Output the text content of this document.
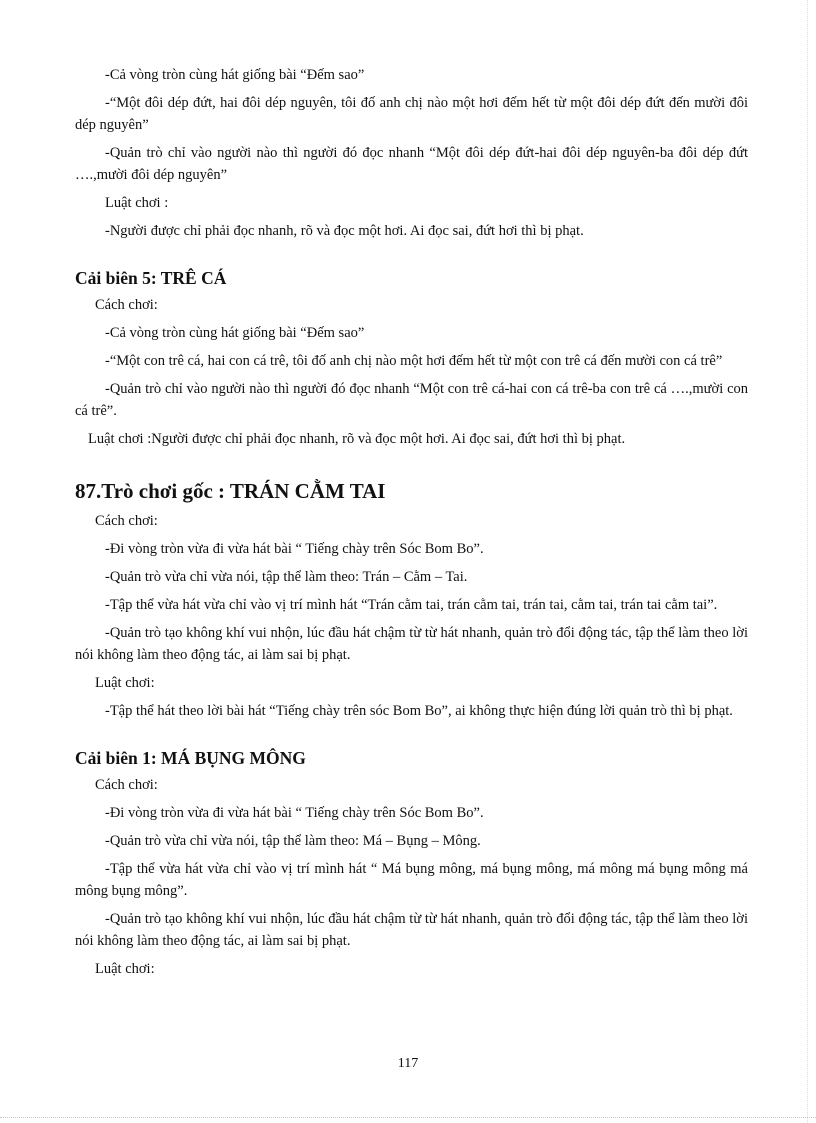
-Cả vòng tròn cùng hát giống bài “Đếm sao”

-“Một đôi dép đứt, hai đôi dép nguyên, tôi đố anh chị nào một hơi đếm hết từ một đôi dép đứt đến mười đôi dép nguyên”

-Quản trò chỉ vào người nào thì người đó đọc nhanh “Một đôi dép đứt-hai đôi dép nguyên-ba đôi dép đứt ….,mười đôi dép nguyên”

Luật chơi :

-Người được chỉ phải đọc nhanh, rõ và đọc một hơi. Ai đọc sai, đứt hơi thì bị phạt.

Cải biên 5: TRÊ CÁ

Cách chơi:

-Cả vòng tròn cùng hát giống bài “Đếm sao”

-“Một con trê cá, hai con cá trê, tôi đố anh chị nào một hơi đếm hết từ một con trê cá đến mười con cá trê”

-Quản trò chỉ vào người nào thì người đó đọc nhanh “Một con trê cá-hai con cá trê-ba con trê cá ….,mười con cá trê”.

Luật chơi :Người được chỉ phải đọc nhanh, rõ và đọc một hơi. Ai đọc sai, đứt hơi thì bị phạt.

87.Trò chơi gốc : TRÁN CẰM TAI

Cách chơi:

-Đi vòng tròn vừa đi vừa hát bài “ Tiếng chày trên Sóc Bom Bo”.

-Quản trò vừa chỉ vừa nói, tập thể làm theo: Trán – Cằm – Tai.

-Tập thể vừa hát vừa chỉ vào vị trí mình hát “Trán cằm tai, trán cằm tai, trán tai, cằm tai, trán tai cằm tai”.

-Quản trò tạo không khí vui nhộn, lúc đầu hát chậm từ từ hát nhanh, quản trò đổi động tác, tập thể làm theo lời nói không làm theo động tác, ai làm sai bị phạt.

Luật chơi:

-Tập thể hát theo lời bài hát “Tiếng chày trên sóc Bom Bo”, ai không thực hiện đúng lời quản trò thì bị phạt.

Cải biên 1: MÁ BỤNG MÔNG

Cách chơi:

-Đi vòng tròn vừa đi vừa hát bài “ Tiếng chày trên Sóc Bom Bo”.

-Quản trò vừa chỉ vừa nói, tập thể làm theo: Má – Bụng – Mông.

-Tập thể vừa hát vừa chỉ vào vị trí mình hát “ Má bụng mông, má bụng mông, má mông má bụng mông má mông bụng mông”.

-Quản trò tạo không khí vui nhộn, lúc đầu hát chậm từ từ hát nhanh, quản trò đổi động tác, tập thể làm theo lời nói không làm theo động tác, ai làm sai bị phạt.

Luật chơi:

117
